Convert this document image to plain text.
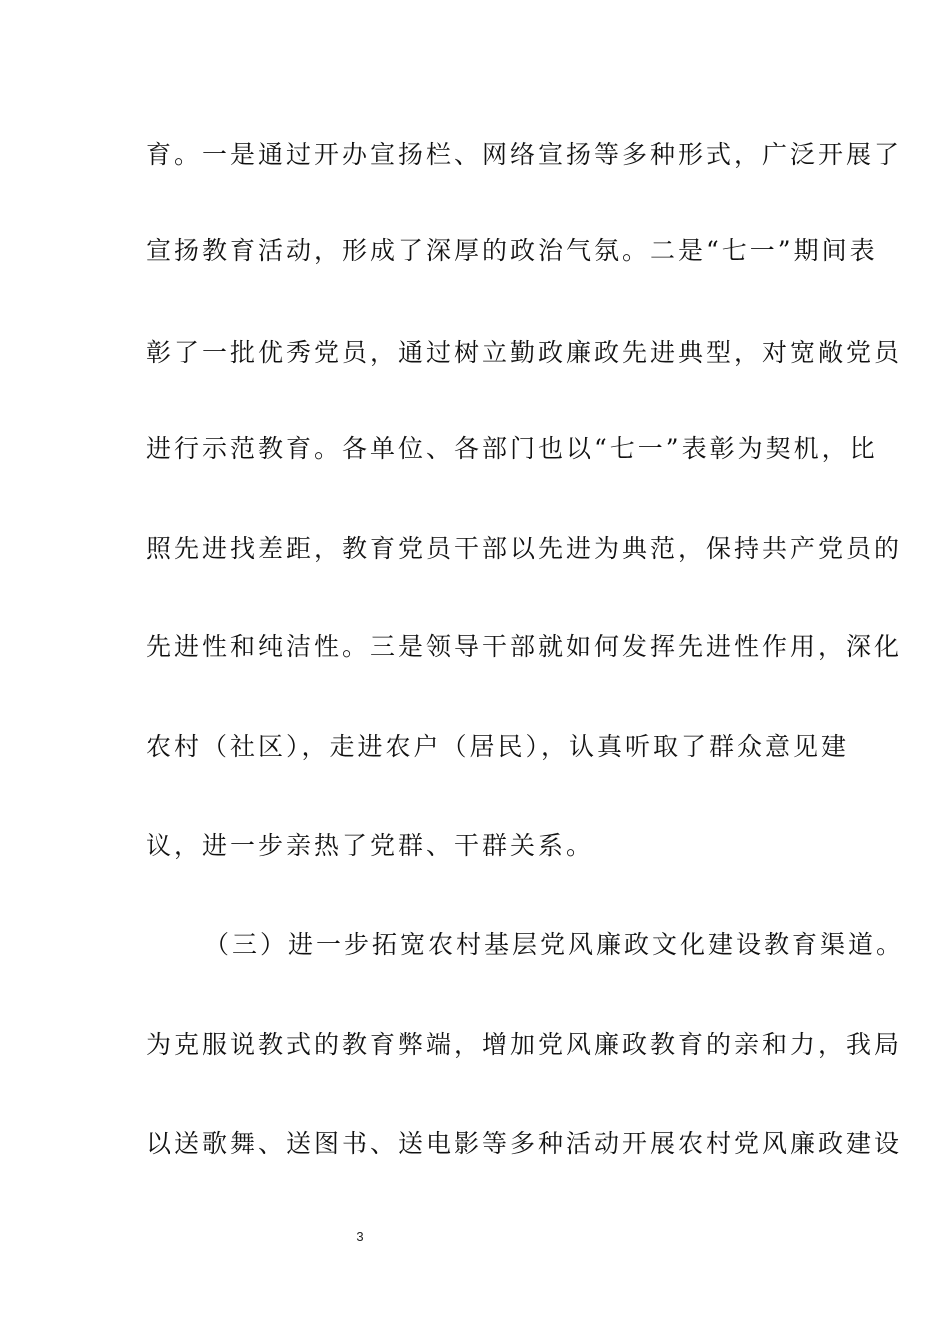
育。一是通过开办宣扬栏、网络宣扬等多种形式，广泛开展了
宣扬教育活动，形成了深厚的政治气氛。二是“七一”期间表
彰了一批优秀党员，通过树立勤政廉政先进典型，对宽敞党员
进行示范教育。各单位、各部门也以“七一”表彰为契机，比
照先进找差距，教育党员干部以先进为典范，保持共产党员的
先进性和纯洁性。三是领导干部就如何发挥先进性作用，深化
农村（社区），走进农户（居民），认真听取了群众意见建
议，进一步亲热了党群、干群关系。
（三）进一步拓宽农村基层党风廉政文化建设教育渠道。
为克服说教式的教育弊端，增加党风廉政教育的亲和力，我局
以送歌舞、送图书、送电影等多种活动开展农村党风廉政建设
3
